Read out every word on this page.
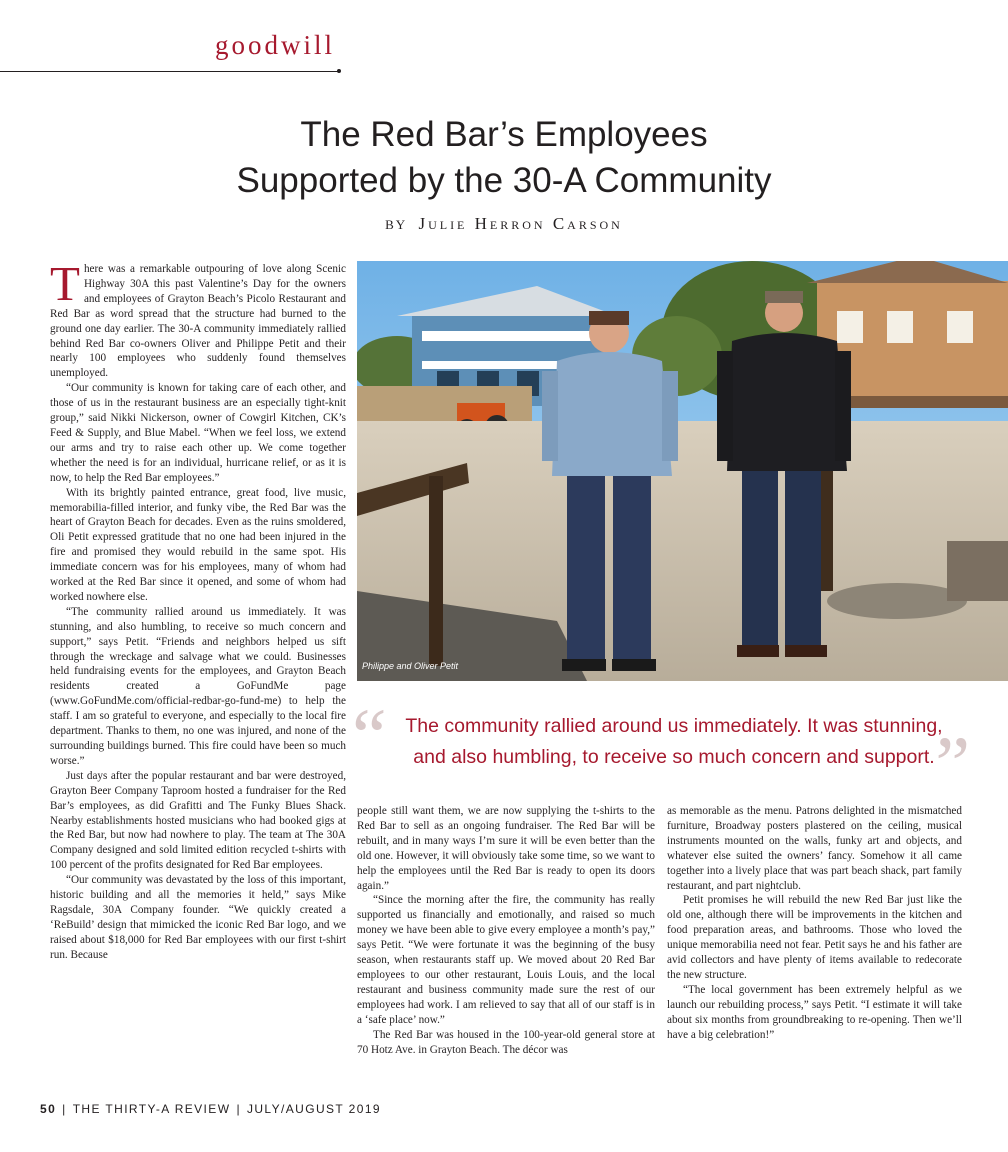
goodwill
The Red Bar’s Employees
Supported by the 30-A Community
BY Julie Herron Carson

There was a remarkable outpouring of love along Scenic Highway 30A this past Valentine’s Day for the owners and employees of Grayton Beach’s Picolo Restaurant and Red Bar as word spread that the structure had burned to the ground one day earlier. The 30-A community immediately rallied behind Red Bar co-owners Oliver and Philippe Petit and their nearly 100 employees who suddenly found themselves unemployed.

“Our community is known for taking care of each other, and those of us in the restaurant business are an especially tight-knit group,” said Nikki Nickerson, owner of Cowgirl Kitchen, CK’s Feed & Supply, and Blue Mabel. “When we feel loss, we extend our arms and try to raise each other up. We come together whether the need is for an individual, hurricane relief, or as it is now, to help the Red Bar employees.”

With its brightly painted entrance, great food, live music, memorabilia-filled interior, and funky vibe, the Red Bar was the heart of Grayton Beach for decades. Even as the ruins smoldered, Oli Petit expressed gratitude that no one had been injured in the fire and promised they would rebuild in the same spot. His immediate concern was for his employees, many of whom had worked at the Red Bar since it opened, and some of whom had worked nowhere else.

“The community rallied around us immediately. It was stunning, and also humbling, to receive so much concern and support,” says Petit. “Friends and neighbors helped us sift through the wreckage and salvage what we could. Businesses held fundraising events for the employees, and Grayton Beach residents created a GoFundMe page (www.GoFundMe.com/official-redbar-go-fund-me) to help the staff. I am so grateful to everyone, and especially to the local fire department. Thanks to them, no one was injured, and none of the surrounding buildings burned. This fire could have been so much worse.”

Just days after the popular restaurant and bar were destroyed, Grayton Beer Company Taproom hosted a fundraiser for the Red Bar’s employees, as did Grafitti and The Funky Blues Shack. Nearby establishments hosted musicians who had booked gigs at the Red Bar, but now had nowhere to play. The team at The 30A Company designed and sold limited edition recycled t-shirts with 100 percent of the profits designated for Red Bar employees.

“Our community was devastated by the loss of this important, historic building and all the memories it held,” says Mike Ragsdale, 30A Company founder. “We quickly created a ‘ReBuild’ design that mimicked the iconic Red Bar logo, and we raised about $18,000 for Red Bar employees with our first t-shirt run. Because

Philippe and Oliver Petit
“ The community rallied around us immediately. It was stunning,
and also humbling, to receive so much concern and support. ”

people still want them, we are now supplying the t-shirts to the Red Bar to sell as an ongoing fundraiser. The Red Bar will be rebuilt, and in many ways I’m sure it will be even better than the old one. However, it will obviously take some time, so we want to help the employees until the Red Bar is ready to open its doors again.”

“Since the morning after the fire, the community has really supported us financially and emotionally, and raised so much money we have been able to give every employee a month’s pay,” says Petit. “We were fortunate it was the beginning of the busy season, when restaurants staff up. We moved about 20 Red Bar employees to our other restaurant, Louis Louis, and the local restaurant and business community made sure the rest of our employees had work. I am relieved to say that all of our staff is in a ‘safe place’ now.”

The Red Bar was housed in the 100-year-old general store at 70 Hotz Ave. in Grayton Beach. The décor was

as memorable as the menu. Patrons delighted in the mismatched furniture, Broadway posters plastered on the ceiling, musical instruments mounted on the walls, funky art and objects, and whatever else suited the owners’ fancy. Somehow it all came together into a lively place that was part beach shack, part family restaurant, and part nightclub.

Petit promises he will rebuild the new Red Bar just like the old one, although there will be improvements in the kitchen and food preparation areas, and bathrooms. Those who loved the unique memorabilia need not fear. Petit says he and his father are avid collectors and have plenty of items available to redecorate the new structure.

“The local government has been extremely helpful as we launch our rebuilding process,” says Petit. “I estimate it will take about six months from groundbreaking to re-opening. Then we’ll have a big celebration!”

50 | THE THIRTY-A REVIEW | JULY/AUGUST 2019
